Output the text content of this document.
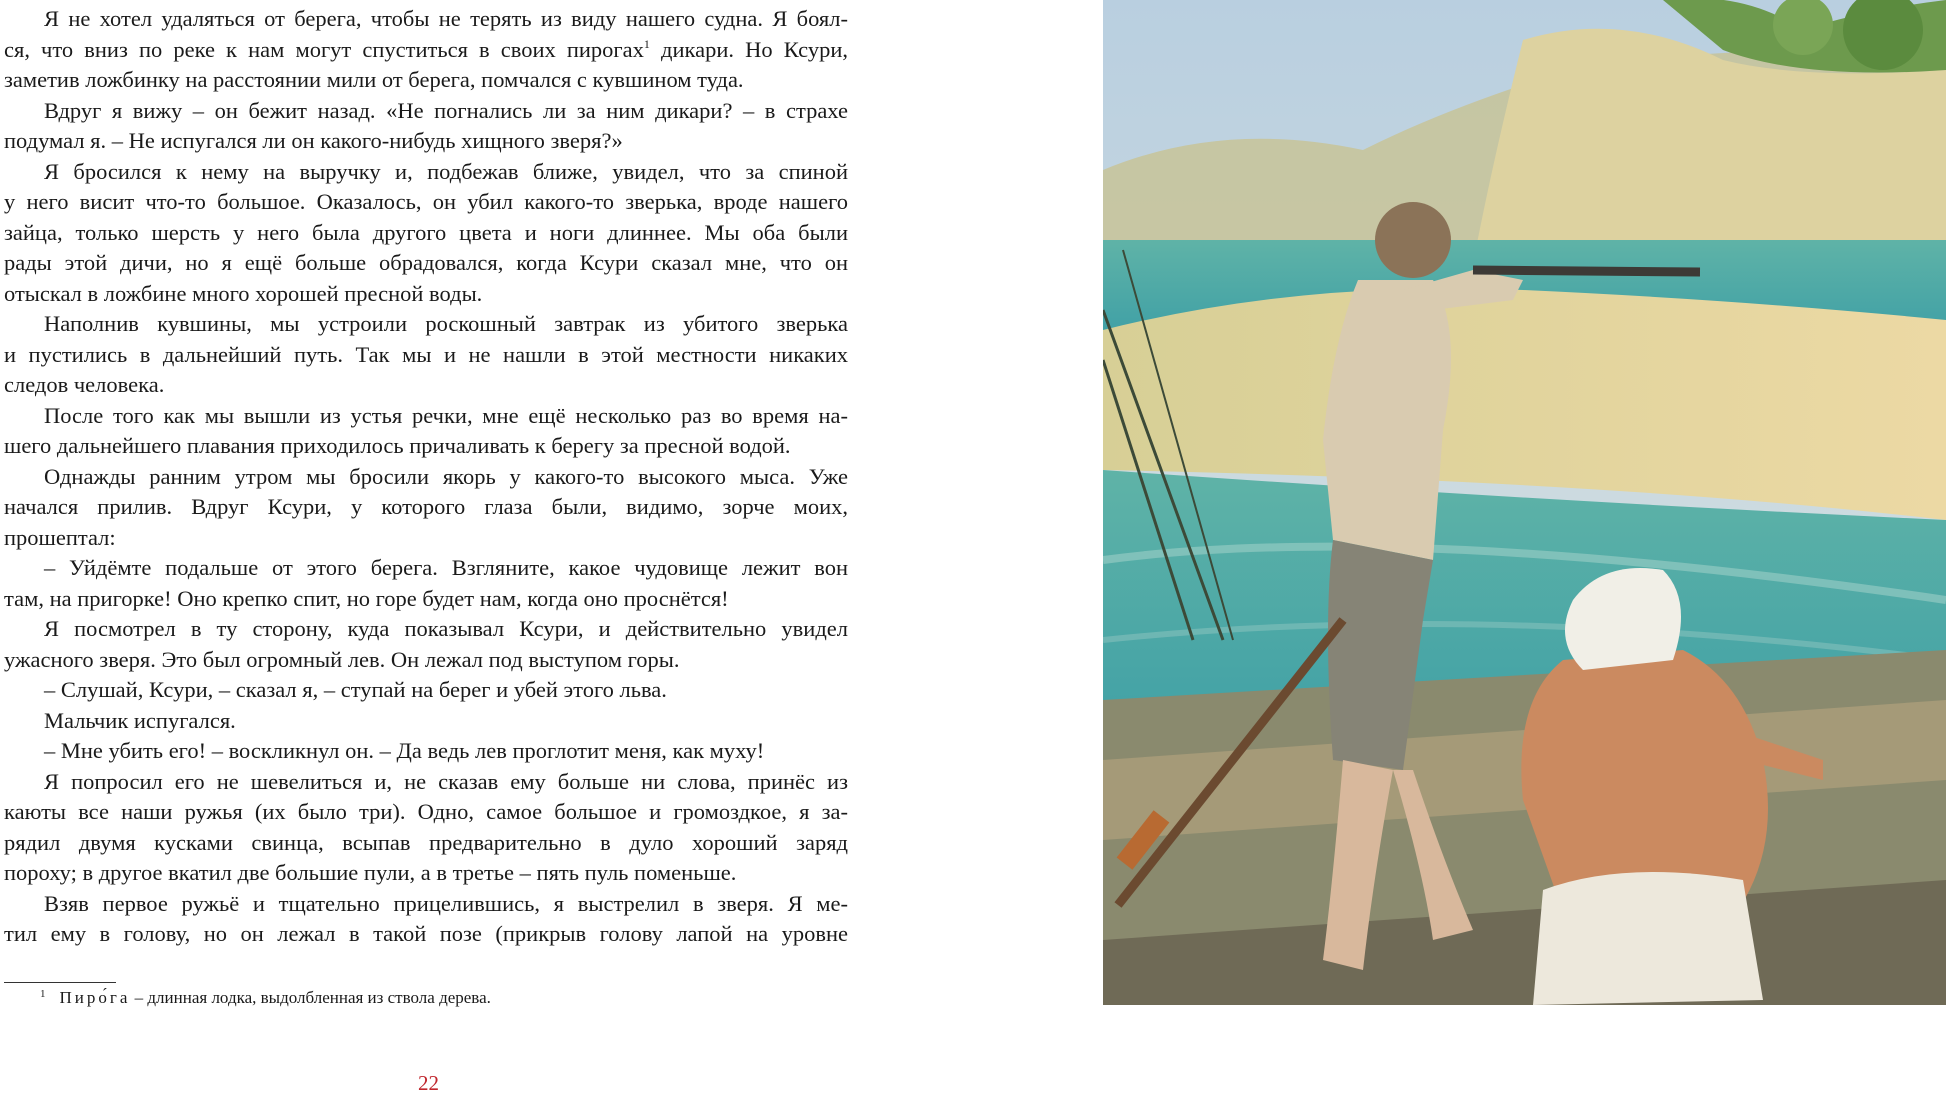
Я не хотел удаляться от берега, чтобы не терять из виду нашего судна. Я боял-
ся, что вниз по реке к нам могут спуститься в своих пирогах$^1$ дикари. Но Ксури,
заметив ложбинку на расстоянии мили от берега, помчался с кувшином туда.
Вдруг я вижу – он бежит назад. «Не погнались ли за ним дикари? – в страхе
подумал я. – Не испугался ли он какого-нибудь хищного зверя?»
Я бросился к нему на выручку и, подбежав ближе, увидел, что за спиной
у него висит что-то большое. Оказалось, он убил какого-то зверька, вроде нашего
зайца, только шерсть у него была другого цвета и ноги длиннее. Мы оба были
рады этой дичи, но я ещё больше обрадовался, когда Ксури сказал мне, что он
отыскал в ложбине много хорошей пресной воды.
Наполнив кувшины, мы устроили роскошный завтрак из убитого зверька
и пустились в дальнейший путь. Так мы и не нашли в этой местности никаких
следов человека.
После того как мы вышли из устья речки, мне ещё несколько раз во время на-
шего дальнейшего плавания приходилось причаливать к берегу за пресной водой.
Однажды ранним утром мы бросили якорь у какого-то высокого мыса. Уже
начался прилив. Вдруг Ксури, у которого глаза были, видимо, зорче моих,
прошептал:
– Уйдёмте подальше от этого берега. Взгляните, какое чудовище лежит вон
там, на пригорке! Оно крепко спит, но горе будет нам, когда оно проснётся!
Я посмотрел в ту сторону, куда показывал Ксури, и действительно увидел
ужасного зверя. Это был огромный лев. Он лежал под выступом горы.
– Слушай, Ксури, – сказал я, – ступай на берег и убей этого льва.
Мальчик испугался.
– Мне убить его! – воскликнул он. – Да ведь лев проглотит меня, как муху!
Я попросил его не шевелиться и, не сказав ему больше ни слова, принёс из
каюты все наши ружья (их было три). Одно, самое большое и громоздкое, я за-
рядил двумя кусками свинца, всыпав предварительно в дуло хороший заряд
пороху; в другое вкатил две большие пули, а в третье – пять пуль поменьше.
Взяв первое ружьё и тщательно прицелившись, я выстрелил в зверя. Я ме-
тил ему в голову, но он лежал в такой позе (прикрыв голову лапой на уровне
$^1$ Пиро́га – длинная лодка, выдолбленная из ствола дерева.
22
